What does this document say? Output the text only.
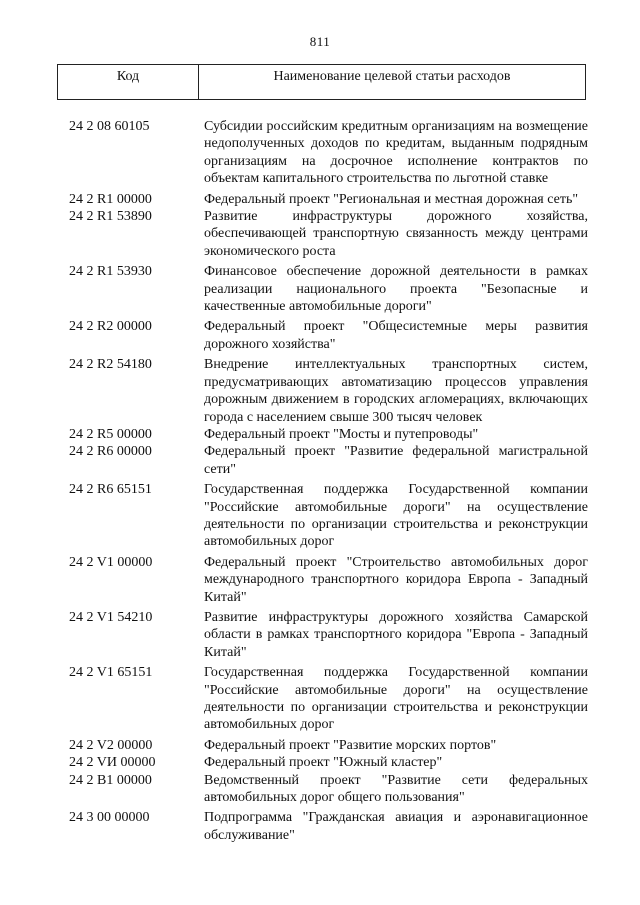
811
Код	Наименование целевой статьи расходов
24 2 08 60105	Субсидии российским кредитным организациям на возмещение недополученных доходов по кредитам, выданным подрядным организациям на досрочное исполнение контрактов по объектам капитального строительства по льготной ставке
24 2 R1 00000	Федеральный проект "Региональная и местная дорожная сеть"
24 2 R1 53890	Развитие инфраструктуры дорожного хозяйства, обеспечивающей транспортную связанность между центрами экономического роста
24 2 R1 53930	Финансовое обеспечение дорожной деятельности в рамках реализации национального проекта "Безопасные и качественные автомобильные дороги"
24 2 R2 00000	Федеральный проект "Общесистемные меры развития дорожного хозяйства"
24 2 R2 54180	Внедрение интеллектуальных транспортных систем, предусматривающих автоматизацию процессов управления дорожным движением в городских агломерациях, включающих города с населением свыше 300 тысяч человек
24 2 R5 00000	Федеральный проект "Мосты и путепроводы"
24 2 R6 00000	Федеральный проект "Развитие федеральной магистральной сети"
24 2 R6 65151	Государственная поддержка Государственной компании "Российские автомобильные дороги" на осуществление деятельности по организации строительства и реконструкции автомобильных дорог
24 2 V1 00000	Федеральный проект "Строительство автомобильных дорог международного транспортного коридора Европа - Западный Китай"
24 2 V1 54210	Развитие инфраструктуры дорожного хозяйства Самарской области в рамках транспортного коридора "Европа - Западный Китай"
24 2 V1 65151	Государственная поддержка Государственной компании "Российские автомобильные дороги" на осуществление деятельности по организации строительства и реконструкции автомобильных дорог
24 2 V2 00000	Федеральный проект "Развитие морских портов"
24 2 VИ 00000	Федеральный проект "Южный кластер"
24 2 B1 00000	Ведомственный проект "Развитие сети федеральных автомобильных дорог общего пользования"
24 3 00 00000	Подпрограмма "Гражданская авиация и аэронавигационное обслуживание"
